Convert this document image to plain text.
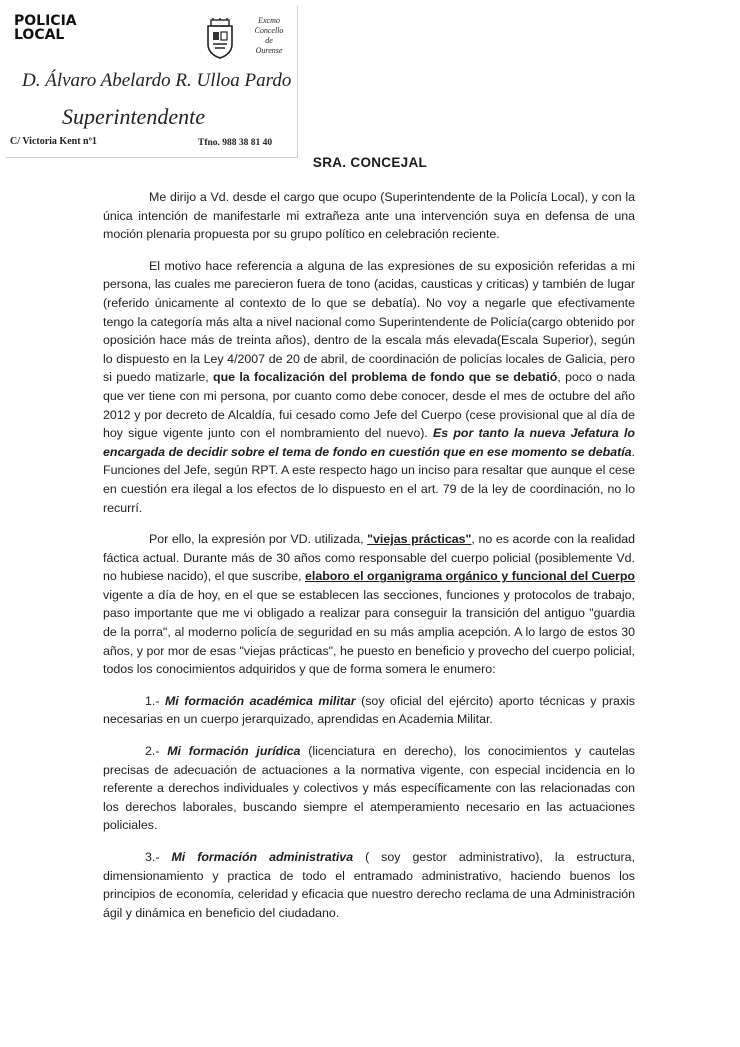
POLICIA
LOCAL
Excmo
Concello
de
Ourense
D. Álvaro Abelardo R. Ulloa Pardo
Superintendente
C/ Victoria Kent nº1	Tfno. 988 38 81 40
SRA. CONCEJAL

Me dirijo a Vd. desde el cargo que ocupo (Superintendente de la Policía Local), y con la única intención de manifestarle mi extrañeza ante una intervención suya en defensa de una moción plenaria propuesta por su grupo político en celebración reciente.

El motivo hace referencia a alguna de las expresiones de su exposición referidas a mi persona, las cuales me parecieron fuera de tono (acidas, causticas y criticas) y también de lugar (referido únicamente al contexto de lo que se debatía). No voy a negarle que efectivamente tengo la categoría más alta a nivel nacional como Superintendente de Policía(cargo obtenido por oposición hace más de treinta años), dentro de la escala más elevada(Escala Superior), según lo dispuesto en la Ley 4/2007 de 20 de abril, de coordinación de policías locales de Galicia, pero si puedo matizarle, que la focalización del problema de fondo que se debatió, poco o nada que ver tiene con mi persona, por cuanto como debe conocer, desde el mes de octubre del año 2012 y por decreto de Alcaldía, fui cesado como Jefe del Cuerpo (cese provisional que al día de hoy sigue vigente junto con el nombramiento del nuevo). Es por tanto la nueva Jefatura lo encargada de decidir sobre el tema de fondo en cuestión que en ese momento se debatía. Funciones del Jefe, según RPT. A este respecto hago un inciso para resaltar que aunque el cese en cuestión era ilegal a los efectos de lo dispuesto en el art. 79 de la ley de coordinación, no lo recurrí.

Por ello, la expresión por VD. utilizada, "viejas prácticas", no es acorde con la realidad fáctica actual. Durante más de 30 años como responsable del cuerpo policial (posiblemente Vd. no hubiese nacido), el que suscribe, elaboro el organigrama orgánico y funcional del Cuerpo vigente a día de hoy, en el que se establecen las secciones, funciones y protocolos de trabajo, paso importante que me vi obligado a realizar para conseguir la transición del antiguo "guardia de la porra", al moderno policía de seguridad en su más amplia acepción. A lo largo de estos 30 años, y por mor de esas "viejas prácticas", he puesto en beneficio y provecho del cuerpo policial, todos los conocimientos adquiridos y que de forma somera le enumero:

1.- Mi formación académica militar (soy oficial del ejército) aporto técnicas y praxis necesarias en un cuerpo jerarquizado, aprendidas en Academia Militar.

2.- Mi formación jurídica (licenciatura en derecho), los conocimientos y cautelas precisas de adecuación de actuaciones a la normativa vigente, con especial incidencia en lo referente a derechos individuales y colectivos y más específicamente con las relacionadas con los derechos laborales, buscando siempre el atemperamiento necesario en las actuaciones policiales.

3.- Mi formación administrativa ( soy gestor administrativo), la estructura, dimensionamiento y practica de todo el entramado administrativo, haciendo buenos los principios de economía, celeridad y eficacia que nuestro derecho reclama de una Administración ágil y dinámica en beneficio del ciudadano.
